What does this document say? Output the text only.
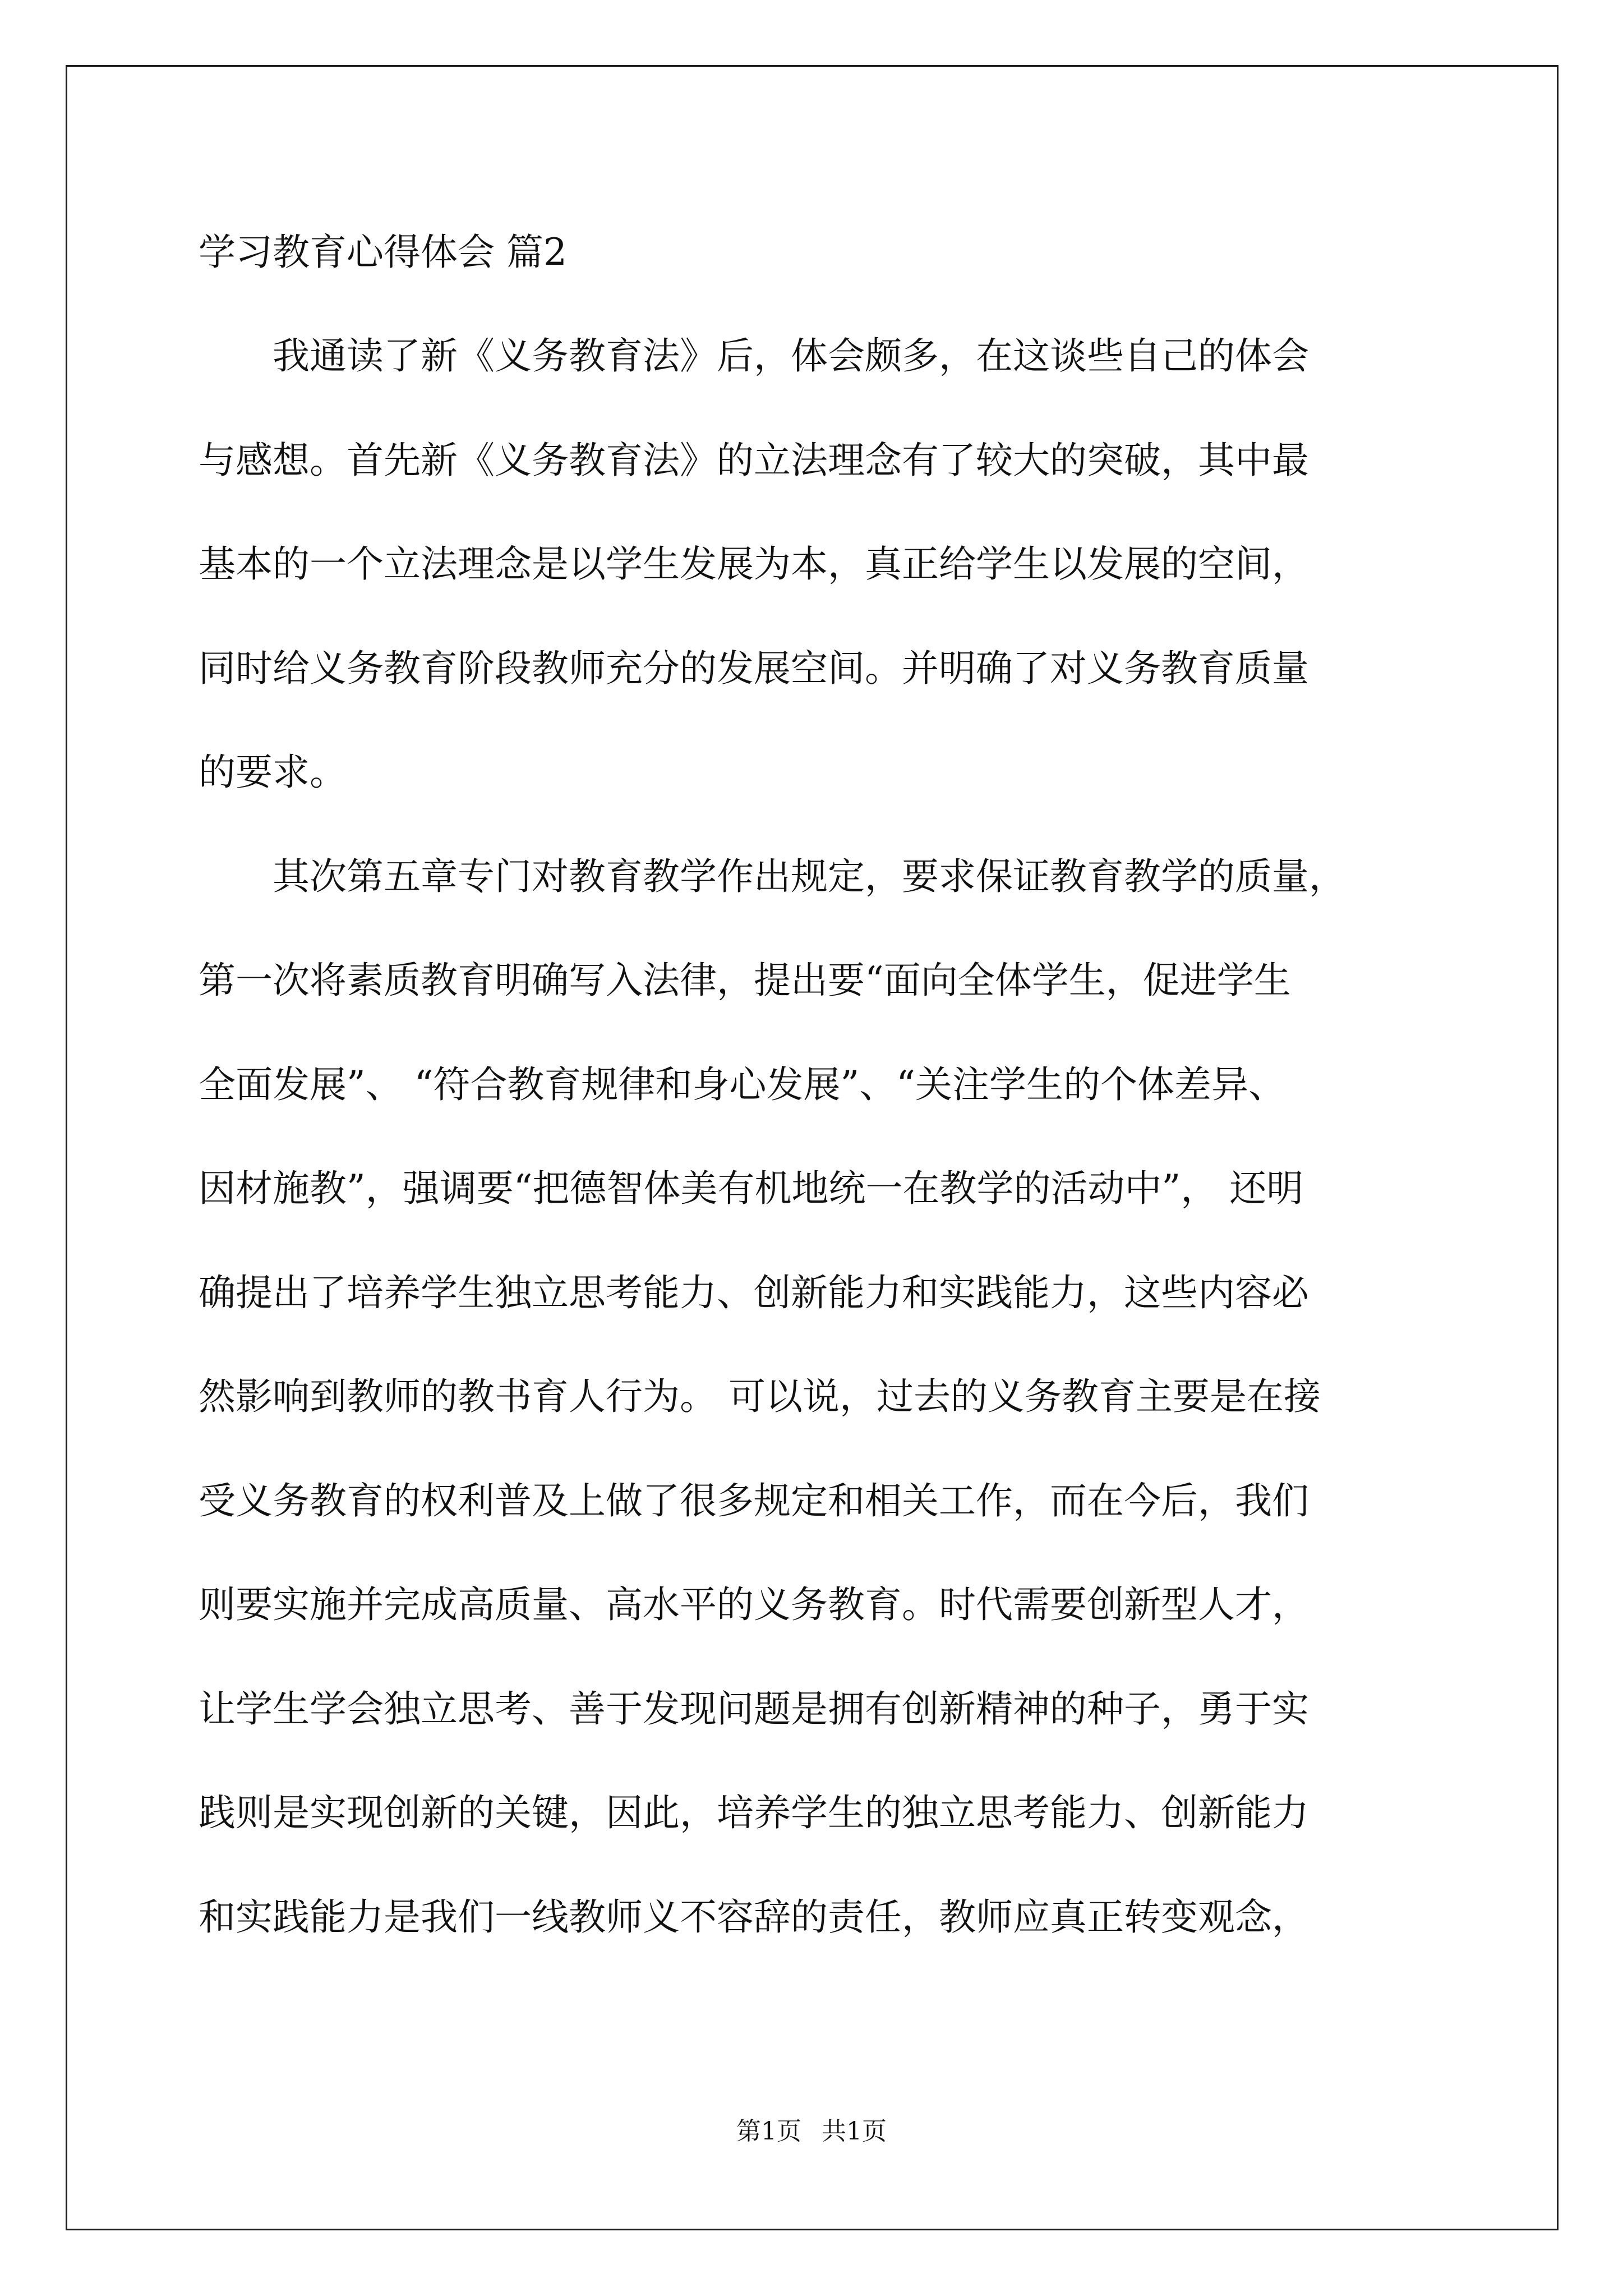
学习教育心得体会 篇2
　　我通读了新《义务教育法》后，体会颇多，在这谈些自己的体会
与感想。首先新《义务教育法》的立法理念有了较大的突破，其中最
基本的一个立法理念是以学生发展为本，真正给学生以发展的空间，
同时给义务教育阶段教师充分的发展空间。并明确了对义务教育质量
的要求。
　　其次第五章专门对教育教学作出规定，要求保证教育教学的质量，
第一次将素质教育明确写入法律，提出要“面向全体学生，促进学生
全面发展”、 “符合教育规律和身心发展”、“关注学生的个体差异、
因材施教”，强调要“把德智体美有机地统一在教学的活动中”， 还明
确提出了培养学生独立思考能力、创新能力和实践能力，这些内容必
然影响到教师的教书育人行为。 可以说，过去的义务教育主要是在接
受义务教育的权利普及上做了很多规定和相关工作，而在今后，我们
则要实施并完成高质量、高水平的义务教育。时代需要创新型人才，
让学生学会独立思考、善于发现问题是拥有创新精神的种子，勇于实
践则是实现创新的关键，因此，培养学生的独立思考能力、创新能力
和实践能力是我们一线教师义不容辞的责任，教师应真正转变观念，
第1页 共1页
